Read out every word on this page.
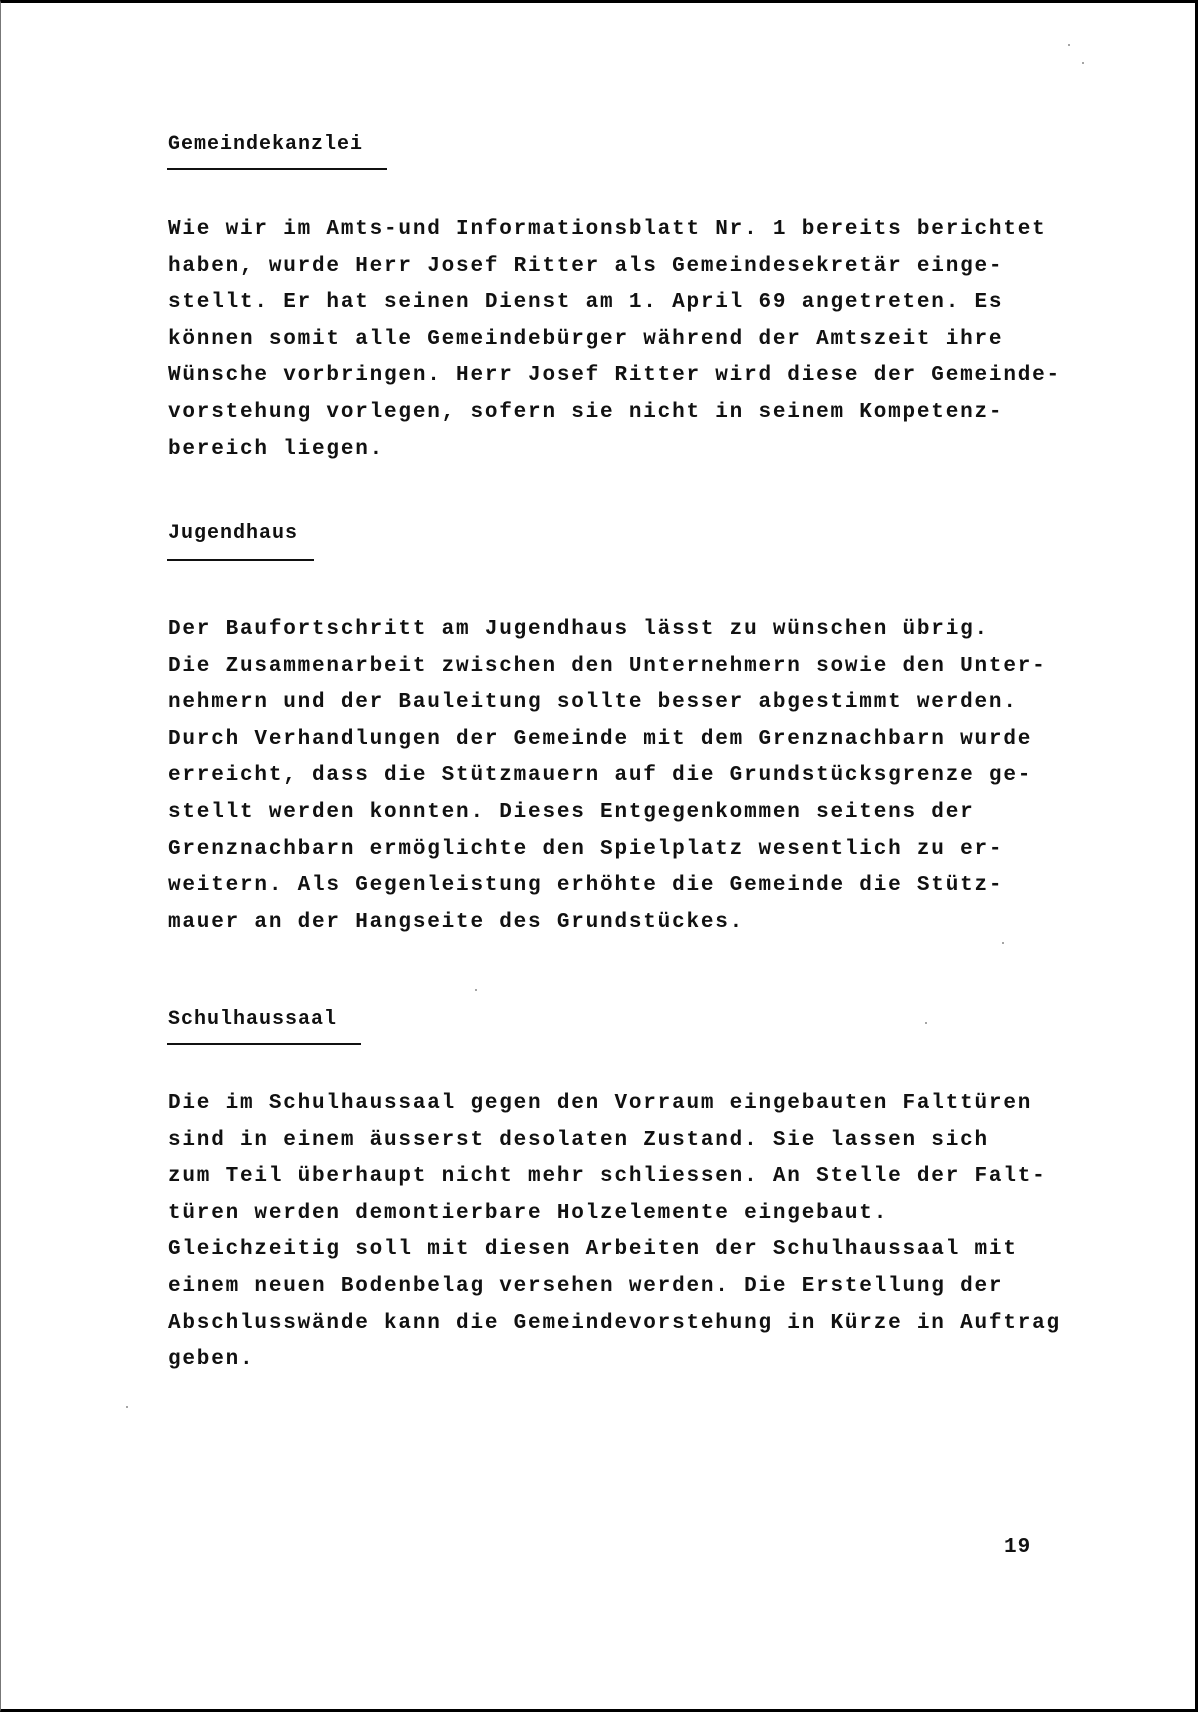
Gemeindekanzlei
Wie wir im Amts-und Informationsblatt Nr. 1 bereits berichtet
haben, wurde Herr Josef Ritter als Gemeindesekretär einge-
stellt. Er hat seinen Dienst am 1. April 69 angetreten. Es
können somit alle Gemeindebürger während der Amtszeit ihre
Wünsche vorbringen. Herr Josef Ritter wird diese der Gemeinde-
vorstehung vorlegen, sofern sie nicht in seinem Kompetenz-
bereich liegen.
Jugendhaus
Der Baufortschritt am Jugendhaus lässt zu wünschen übrig.
Die Zusammenarbeit zwischen den Unternehmern sowie den Unter-
nehmern und der Bauleitung sollte besser abgestimmt werden.
Durch Verhandlungen der Gemeinde mit dem Grenznachbarn wurde
erreicht, dass die Stützmauern auf die Grundstücksgrenze ge-
stellt werden konnten. Dieses Entgegenkommen seitens der
Grenznachbarn ermöglichte den Spielplatz wesentlich zu er-
weitern. Als Gegenleistung erhöhte die Gemeinde die Stütz-
mauer an der Hangseite des Grundstückes.
Schulhaussaal
Die im Schulhaussaal gegen den Vorraum eingebauten Falttüren
sind in einem äusserst desolaten Zustand. Sie lassen sich
zum Teil überhaupt nicht mehr schliessen. An Stelle der Falt-
türen werden demontierbare Holzelemente eingebaut.
Gleichzeitig soll mit diesen Arbeiten der Schulhaussaal mit
einem neuen Bodenbelag versehen werden. Die Erstellung der
Abschlusswände kann die Gemeindevorstehung in Kürze in Auftrag
geben.
19
